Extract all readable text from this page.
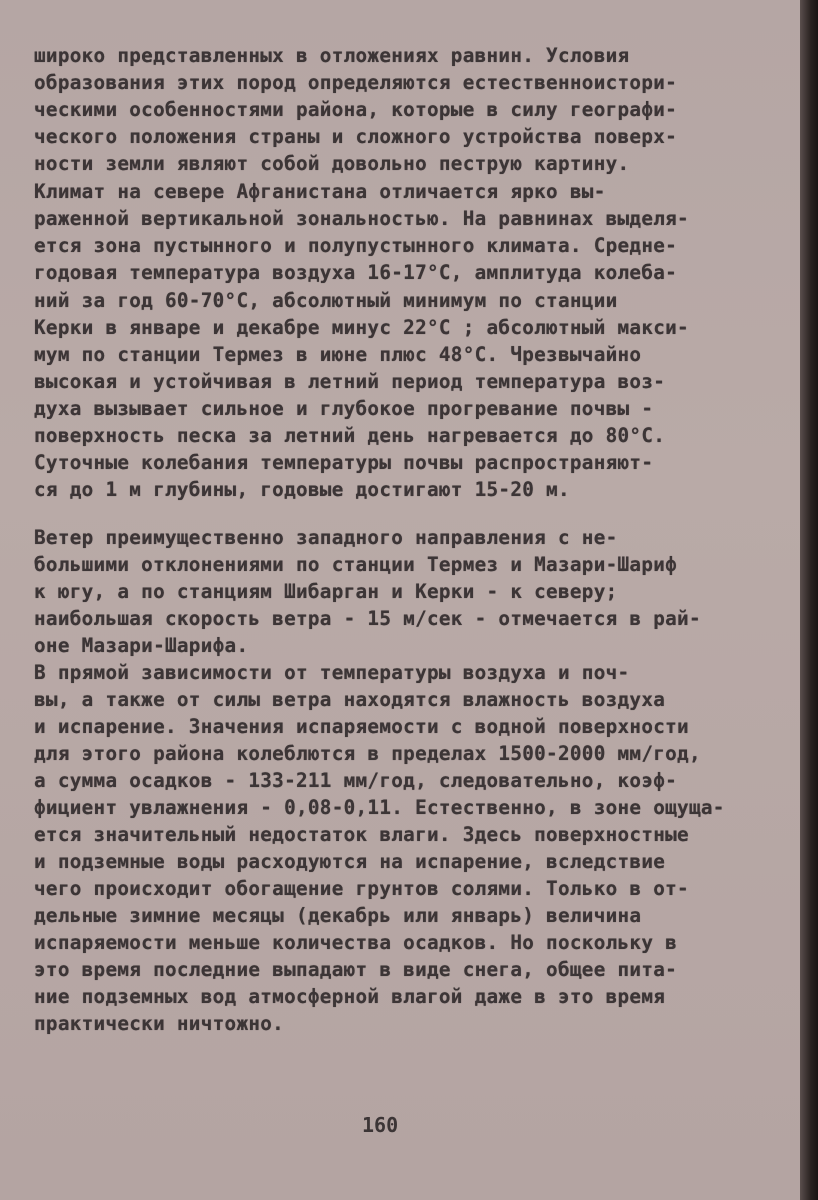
широко представленных в отложениях равнин. Условия
образования этих пород определяются естественноистори-
ческими особенностями района, которые в силу географи-
ческого положения страны и сложного устройства поверх-
ности земли являют собой довольно пеструю картину.
Климат на севере Афганистана отличается ярко вы-
раженной вертикальной зональностью. На равнинах выделя-
ется зона пустынного и полупустынного климата. Средне-
годовая температура воздуха 16-17°С, амплитуда колеба-
ний за год 60-70°С, абсолютный минимум по станции
Керки в январе и декабре минус 22°С ; абсолютный макси-
мум по станции Термез в июне плюс 48°С. Чрезвычайно
высокая и устойчивая в летний период температура воз-
духа вызывает сильное и глубокое прогревание почвы -
поверхность песка за летний день нагревается до 80°С.
Суточные колебания температуры почвы распространяют-
ся до 1 м глубины, годовые достигают 15-20 м.
Ветер преимущественно западного направления с не-
большими отклонениями по станции Термез и Мазари-Шариф
к югу, а по станциям Шибарган и Керки - к северу;
наибольшая скорость ветра - 15 м/сек - отмечается в рай-
оне Мазари-Шарифа.
В прямой зависимости от температуры воздуха и поч-
вы, а также от силы ветра находятся влажность воздуха
и испарение. Значения испаряемости с водной поверхности
для этого района колеблются в пределах 1500-2000 мм/год,
а сумма осадков - 133-211 мм/год, следовательно, коэф-
фициент увлажнения - 0,08-0,11. Естественно, в зоне ощуща-
ется значительный недостаток влаги. Здесь поверхностные
и подземные воды расходуются на испарение, вследствие
чего происходит обогащение грунтов солями. Только в от-
дельные зимние месяцы (декабрь или январь) величина
испаряемости меньше количества осадков. Но поскольку в
это время последние выпадают в виде снега, общее пита-
ние подземных вод атмосферной влагой даже в это время
практически ничтожно.
160
